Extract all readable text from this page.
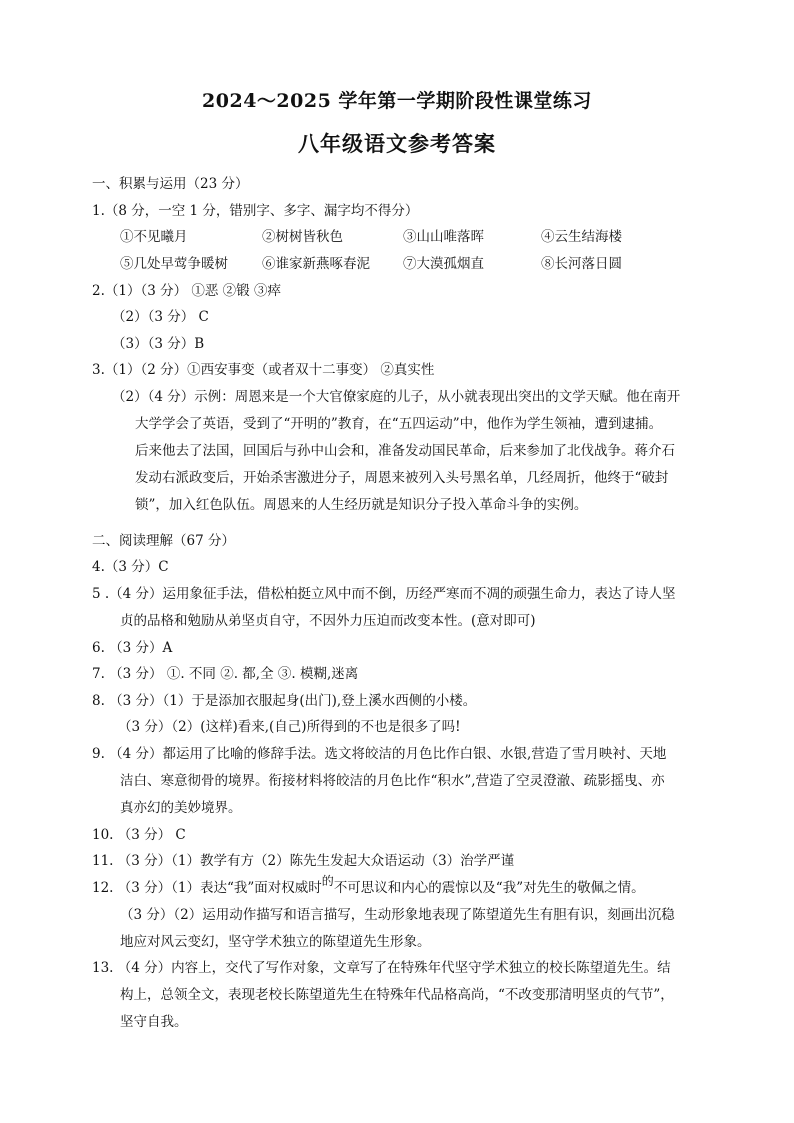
2024～2025 学年第一学期阶段性课堂练习
八年级语文参考答案
一、积累与运用（23 分）
1.（8 分，一空 1 分，错别字、多字、漏字均不得分）
①不见曦月	②树树皆秋色	③山山唯落晖	④云生结海楼
⑤几处早莺争暖树	⑥谁家新燕啄春泥 ⑦大漠孤烟直	⑧长河落日圆
2.（1）（3 分） ①恶 ②锻 ③瘁
（2）（3 分） C
（3）（3 分）B
3.（1）（2 分）①西安事变（或者双十二事变） ②真实性
（2）（4 分）示例：周恩来是一个大官僚家庭的儿子，从小就表现出突出的文学天赋。他在南开
大学学会了英语，受到了“开明的”教育，在“五四运动”中，他作为学生领袖，遭到逮捕。
后来他去了法国，回国后与孙中山会和，准备发动国民革命，后来参加了北伐战争。蒋介石
发动右派政变后，开始杀害激进分子，周恩来被列入头号黑名单，几经周折，他终于“破封
锁”，加入红色队伍。周恩来的人生经历就是知识分子投入革命斗争的实例。
二、阅读理解（67 分）
4.（3 分）C
5 .（4 分）运用象征手法，借松柏挺立风中而不倒，历经严寒而不凋的顽强生命力，表达了诗人坚
贞的品格和勉励从弟坚贞自守，不因外力压迫而改变本性。(意对即可)
6. （3 分）A
7. （3 分） ①. 不同 ②. 都,全 ③. 模糊,迷离
8. （3 分）（1）于是添加衣服起身(出门),登上溪水西侧的小楼。
（3 分）（2）(这样)看来,(自己)所得到的不也是很多了吗!
9. （4 分）都运用了比喻的修辞手法。选文将皎洁的月色比作白银、水银,营造了雪月映衬、天地
洁白、寒意彻骨的境界。衔接材料将皎洁的月色比作“积水”,营造了空灵澄澈、疏影摇曳、亦
真亦幻的美妙境界。
10. （3 分） C
11. （3 分）（1）教学有方（2）陈先生发起大众语运动（3）治学严谨
12. （3 分）（1）表达“我”面对权威时的不可思议和内心的震惊以及“我”对先生的敬佩之情。
（3 分）（2）运用动作描写和语言描写，生动形象地表现了陈望道先生有胆有识，刻画出沉稳
地应对风云变幻，坚守学术独立的陈望道先生形象。
13. （4 分）内容上，交代了写作对象，文章写了在特殊年代坚守学术独立的校长陈望道先生。结
构上，总领全文，表现老校长陈望道先生在特殊年代品格高尚，“不改变那清明坚贞的气节”，
坚守自我。
